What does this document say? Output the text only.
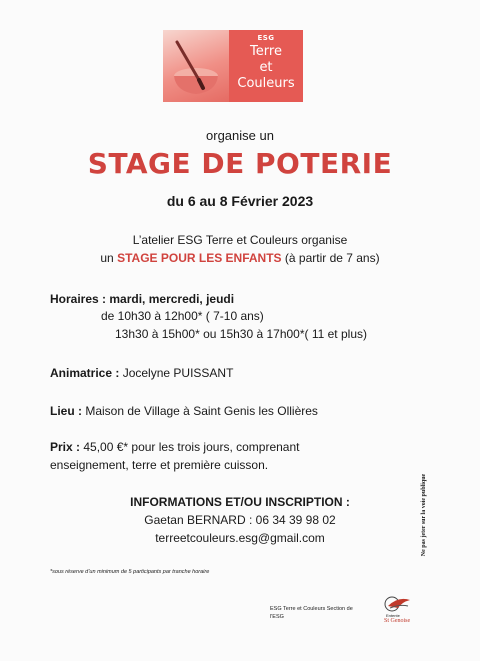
ESG
Terre
et
Couleurs
organise un
STAGE DE POTERIE
du 6 au 8 Février 2023
L’atelier ESG Terre et Couleurs organise
un STAGE POUR LES ENFANTS (à partir de 7 ans)
Horaires : mardi, mercredi, jeudi
de 10h30 à 12h00* ( 7-10 ans)
13h30 à 15h00* ou 15h30 à 17h00*( 11 et plus)
Animatrice : Jocelyne PUISSANT
Lieu : Maison de Village à Saint Genis les Ollières
Prix : 45,00 €* pour les trois jours, comprenant
enseignement, terre et première cuisson.
INFORMATIONS ET/OU INSCRIPTION :
Gaetan BERNARD : 06 34 39 98 02
terreetcouleurs.esg@gmail.com	Ne pas jeter sur la voie publique
*sous réserve d’un minimum de 5 participants par tranche horaire
ESG Terre et Couleurs Section de
l'ESG	Entente
St Genoise
